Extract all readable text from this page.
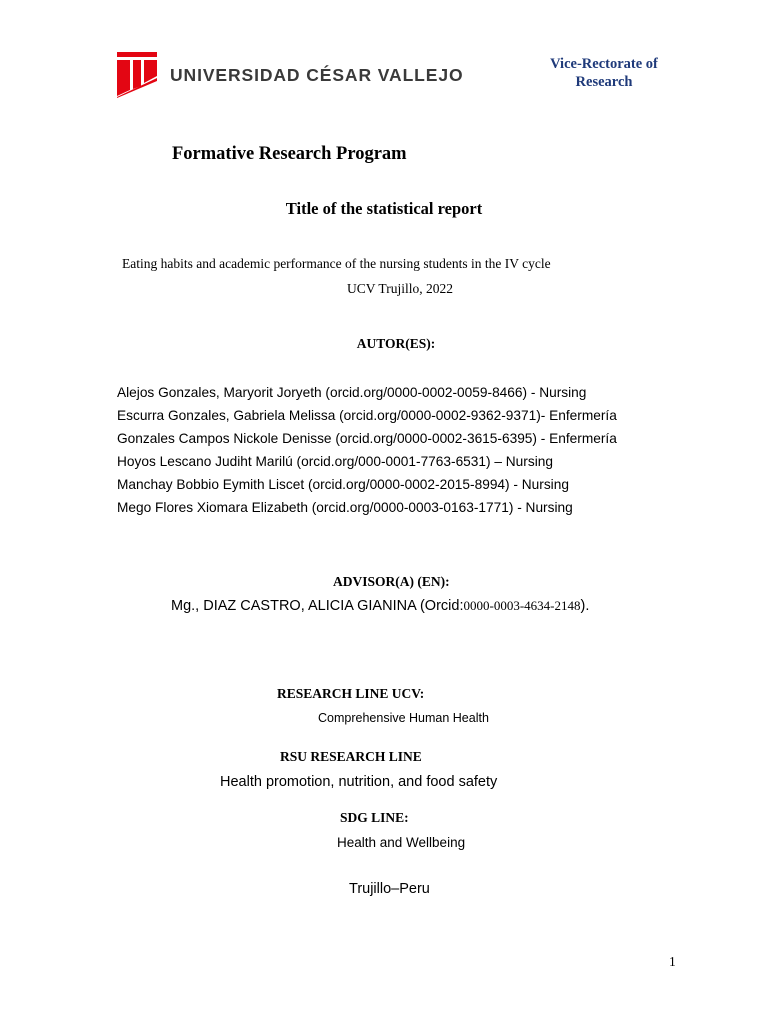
UNIVERSIDAD CÉSAR VALLEJO
Vice-Rectorate of Research
Formative Research Program
Title of the statistical report
Eating habits and academic performance of the nursing students in the IV cycle
UCV Trujillo, 2022
AUTOR(ES):
Alejos Gonzales, Maryorit Joryeth (orcid.org/0000-0002-0059-8466) - Nursing
Escurra Gonzales, Gabriela Melissa (orcid.org/0000-0002-9362-9371)- Enfermería
Gonzales Campos Nickole Denisse (orcid.org/0000-0002-3615-6395) - Enfermería
Hoyos Lescano Judiht Marilú (orcid.org/000-0001-7763-6531) – Nursing
Manchay Bobbio Eymith Liscet (orcid.org/0000-0002-2015-8994) - Nursing
Mego Flores Xiomara Elizabeth (orcid.org/0000-0003-0163-1771) - Nursing
ADVISOR(A) (EN):
Mg., DIAZ CASTRO, ALICIA GIANINA (Orcid:0000-0003-4634-2148).
RESEARCH LINE UCV:
Comprehensive Human Health
RSU RESEARCH LINE
Health promotion, nutrition, and food safety
SDG LINE:
Health and Wellbeing
Trujillo–Peru
1
